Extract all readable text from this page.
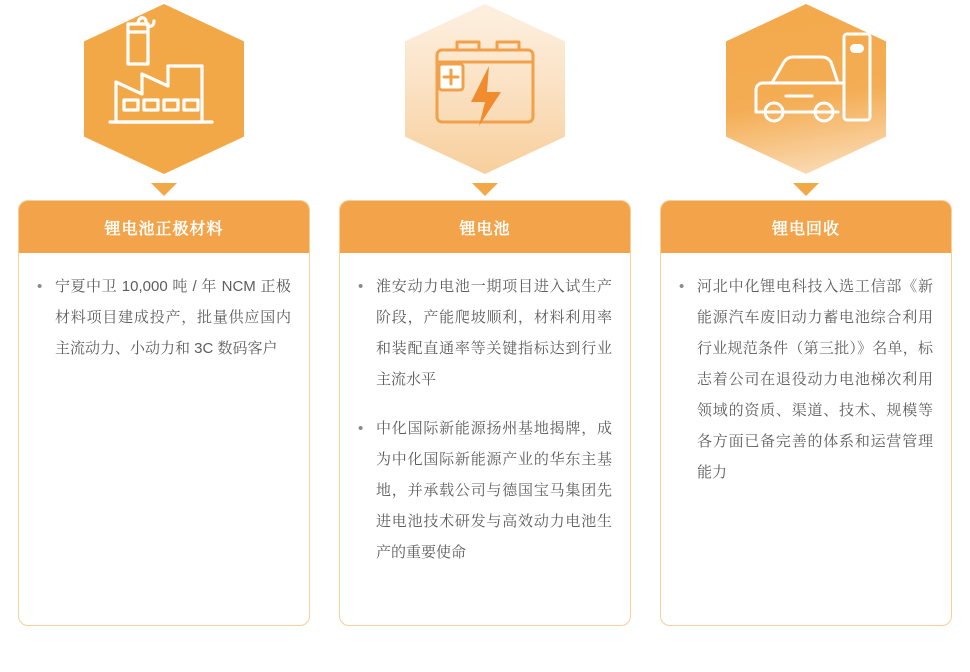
锂电池正极材料
• 宁夏中卫 10,000 吨 / 年 NCM 正极材料项目建成投产，批量供应国内主流动力、小动力和 3C 数码客户
锂电池
• 淮安动力电池一期项目进入试生产阶段，产能爬坡顺利，材料利用率和装配直通率等关键指标达到行业主流水平
• 中化国际新能源扬州基地揭牌，成为中化国际新能源产业的华东主基地，并承载公司与德国宝马集团先进电池技术研发与高效动力电池生产的重要使命
锂电回收
• 河北中化锂电科技入选工信部《新能源汽车废旧动力蓄电池综合利用行业规范条件（第三批）》名单，标志着公司在退役动力电池梯次利用领域的资质、渠道、技术、规模等各方面已备完善的体系和运营管理能力
